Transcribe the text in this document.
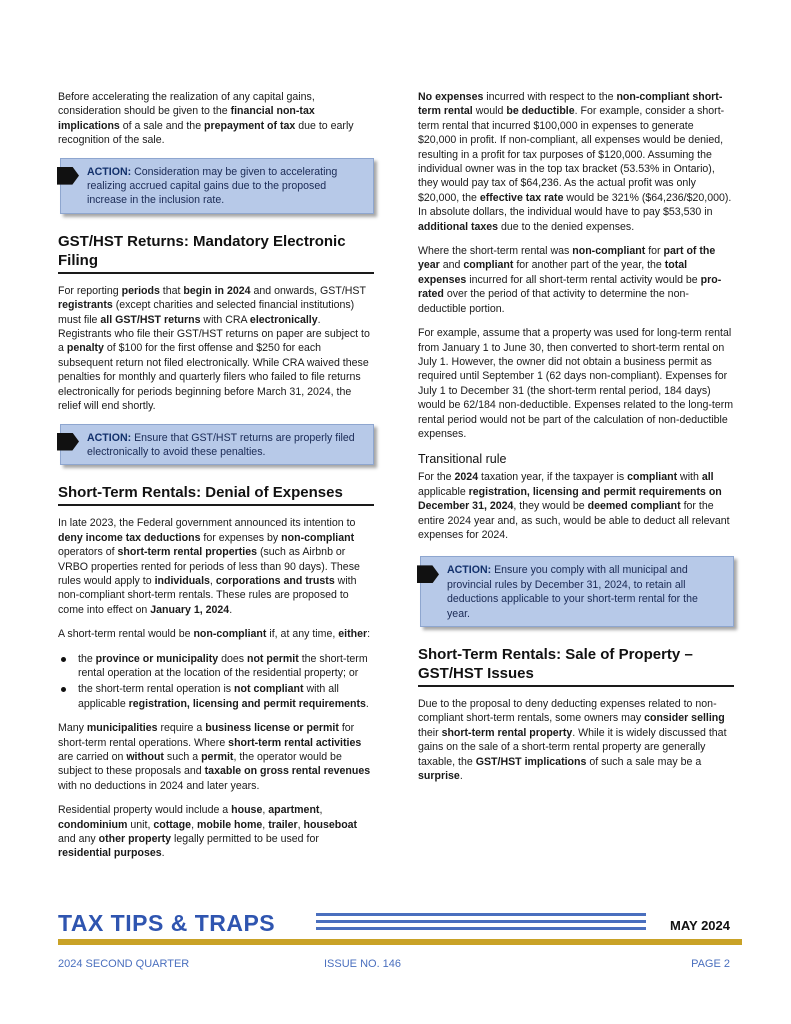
Before accelerating the realization of any capital gains, consideration should be given to the financial non-tax implications of a sale and the prepayment of tax due to early recognition of the sale.

ACTION: Consideration may be given to accelerating realizing accrued capital gains due to the proposed increase in the inclusion rate.
GST/HST Returns: Mandatory Electronic Filing

For reporting periods that begin in 2024 and onwards, GST/HST registrants (except charities and selected financial institutions) must file all GST/HST returns with CRA electronically. Registrants who file their GST/HST returns on paper are subject to a penalty of $100 for the first offense and $250 for each subsequent return not filed electronically. While CRA waived these penalties for monthly and quarterly filers who failed to file returns electronically for periods beginning before March 31, 2024, the relief will end shortly.

ACTION: Ensure that GST/HST returns are properly filed electronically to avoid these penalties.
Short-Term Rentals: Denial of Expenses

In late 2023, the Federal government announced its intention to deny income tax deductions for expenses by non-compliant operators of short-term rental properties (such as Airbnb or VRBO properties rented for periods of less than 90 days). These rules would apply to individuals, corporations and trusts with non-compliant short-term rentals. These rules are proposed to come into effect on January 1, 2024.

A short-term rental would be non-compliant if, at any time, either:

the province or municipality does not permit the short-term rental operation at the location of the residential property; or
the short-term rental operation is not compliant with all applicable registration, licensing and permit requirements.

Many municipalities require a business license or permit for short-term rental operations. Where short-term rental activities are carried on without such a permit, the operator would be subject to these proposals and taxable on gross rental revenues with no deductions in 2024 and later years.

Residential property would include a house, apartment, condominium unit, cottage, mobile home, trailer, houseboat and any other property legally permitted to be used for residential purposes.

No expenses incurred with respect to the non-compliant short-term rental would be deductible. For example, consider a short-term rental that incurred $100,000 in expenses to generate $20,000 in profit. If non-compliant, all expenses would be denied, resulting in a profit for tax purposes of $120,000. Assuming the individual owner was in the top tax bracket (53.53% in Ontario), they would pay tax of $64,236. As the actual profit was only $20,000, the effective tax rate would be 321% ($64,236/$20,000). In absolute dollars, the individual would have to pay $53,530 in additional taxes due to the denied expenses.

Where the short-term rental was non-compliant for part of the year and compliant for another part of the year, the total expenses incurred for all short-term rental activity would be pro-rated over the period of that activity to determine the non-deductible portion.

For example, assume that a property was used for long-term rental from January 1 to June 30, then converted to short-term rental on July 1. However, the owner did not obtain a business permit as required until September 1 (62 days non-compliant). Expenses for July 1 to December 31 (the short-term rental period, 184 days) would be 62/184 non-deductible. Expenses related to the long-term rental period would not be part of the calculation of non-deductible expenses.

Transitional rule

For the 2024 taxation year, if the taxpayer is compliant with all applicable registration, licensing and permit requirements on December 31, 2024, they would be deemed compliant for the entire 2024 year and, as such, would be able to deduct all relevant expenses for 2024.

ACTION: Ensure you comply with all municipal and provincial rules by December 31, 2024, to retain all deductions applicable to your short-term rental for the year.
Short-Term Rentals: Sale of Property – GST/HST Issues

Due to the proposal to deny deducting expenses related to non-compliant short-term rentals, some owners may consider selling their short-term rental property. While it is widely discussed that gains on the sale of a short-term rental property are generally taxable, the GST/HST implications of such a sale may be a surprise.

TAX TIPS & TRAPS	MAY 2024
2024 SECOND QUARTER	ISSUE NO. 146	PAGE 2
